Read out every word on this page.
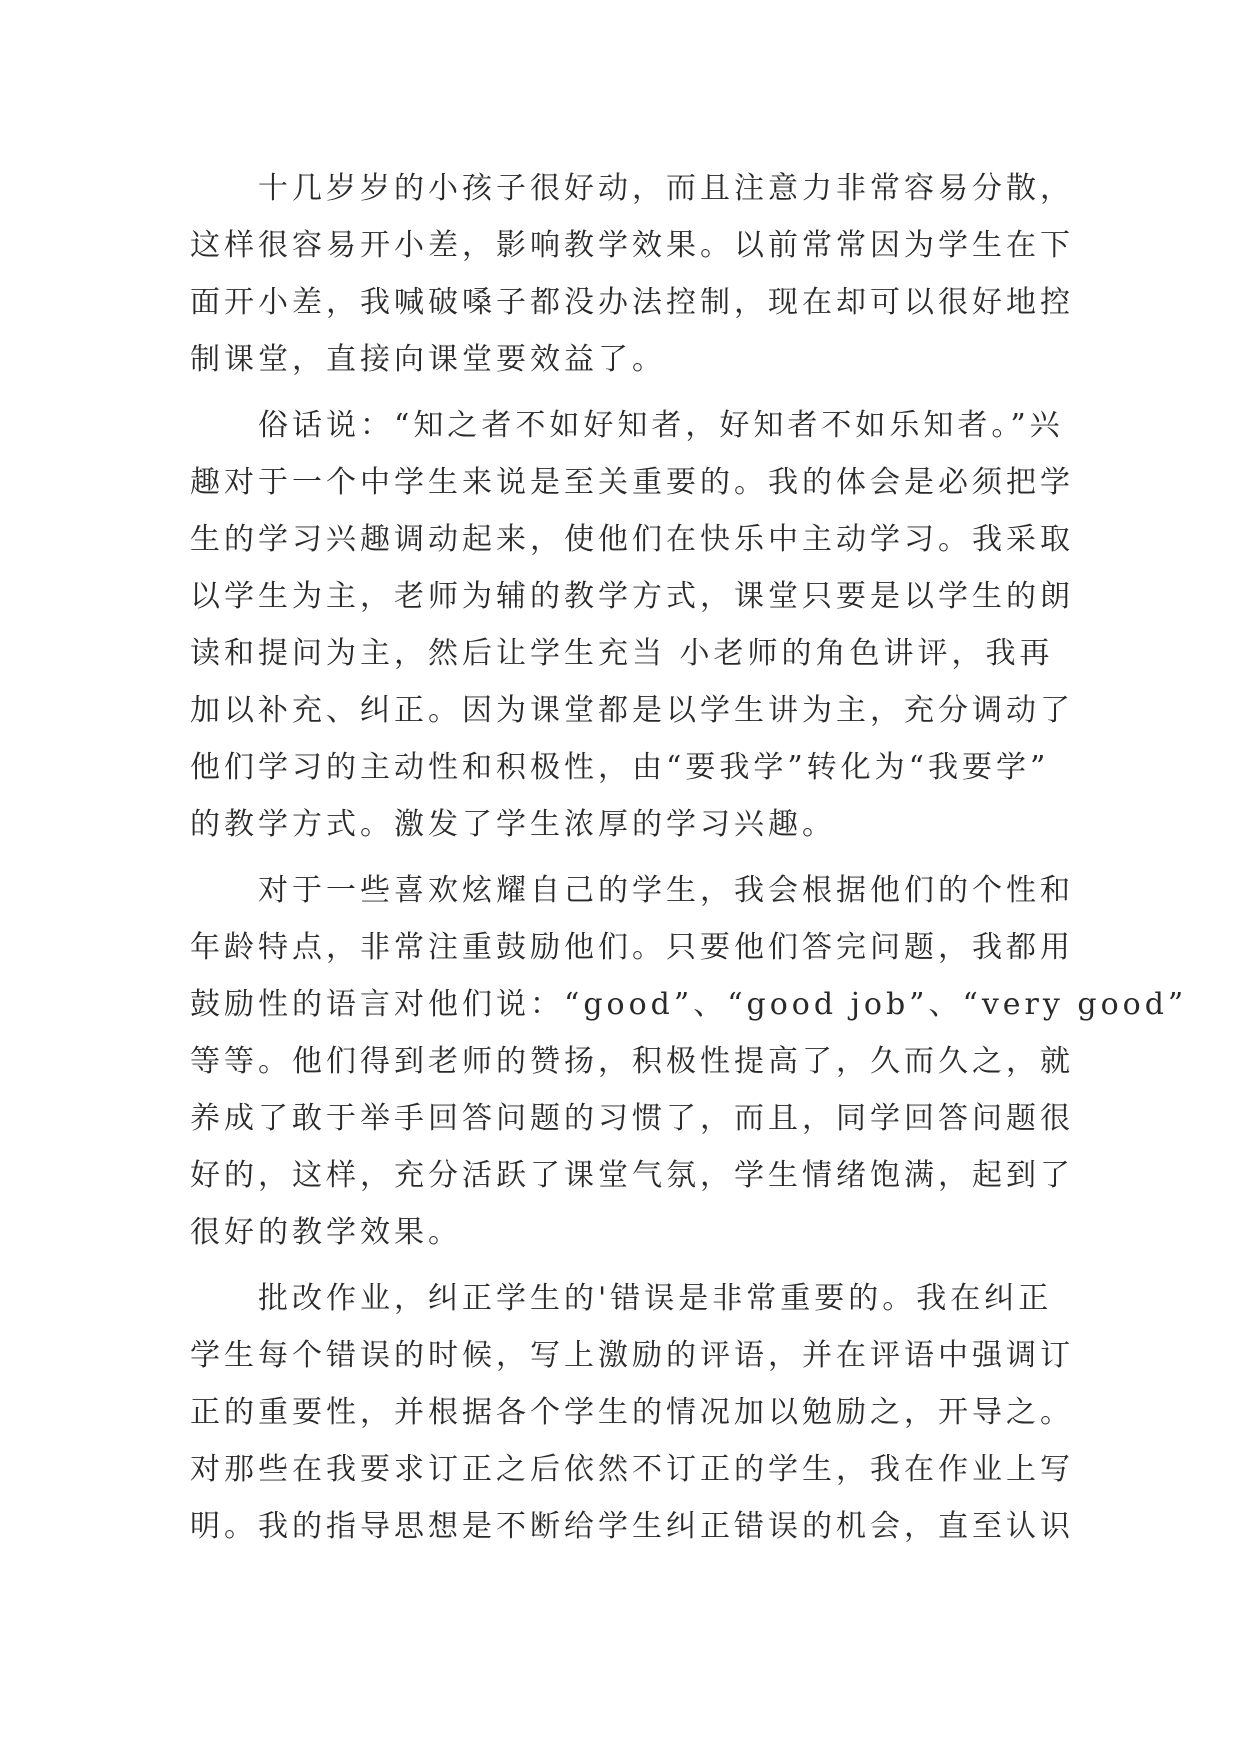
十几岁岁的小孩子很好动，而且注意力非常容易分散，
这样很容易开小差，影响教学效果。以前常常因为学生在下
面开小差，我喊破嗓子都没办法控制，现在却可以很好地控
制课堂，直接向课堂要效益了。
俗话说：“知之者不如好知者，好知者不如乐知者。”兴
趣对于一个中学生来说是至关重要的。我的体会是必须把学
生的学习兴趣调动起来，使他们在快乐中主动学习。我采取
以学生为主，老师为辅的教学方式，课堂只要是以学生的朗
读和提问为主，然后让学生充当 小老师的角色讲评，我再
加以补充、纠正。因为课堂都是以学生讲为主，充分调动了
他们学习的主动性和积极性，由“要我学”转化为“我要学”
的教学方式。激发了学生浓厚的学习兴趣。
对于一些喜欢炫耀自己的学生，我会根据他们的个性和
年龄特点，非常注重鼓励他们。只要他们答完问题，我都用
鼓励性的语言对他们说：“good”、“good job”、“very good”
等等。他们得到老师的赞扬，积极性提高了，久而久之，就
养成了敢于举手回答问题的习惯了，而且，同学回答问题很
好的，这样，充分活跃了课堂气氛，学生情绪饱满，起到了
很好的教学效果。
批改作业，纠正学生的'错误是非常重要的。我在纠正
学生每个错误的时候，写上激励的评语，并在评语中强调订
正的重要性，并根据各个学生的情况加以勉励之，开导之。
对那些在我要求订正之后依然不订正的学生，我在作业上写
明。我的指导思想是不断给学生纠正错误的机会，直至认识
